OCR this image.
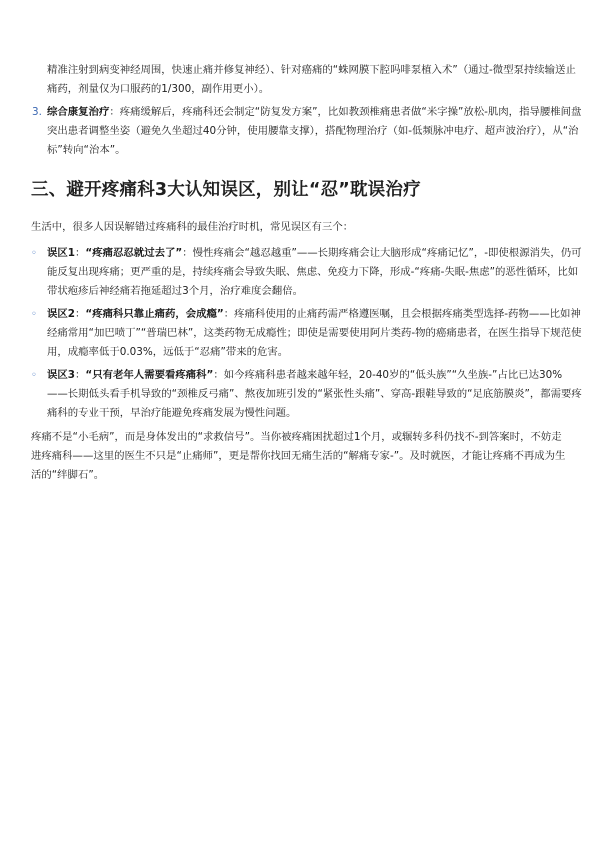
精准注射到病变神经周围，快速止痛并修复神经）、针对癌痛的“蛛网膜下腔吗啡泵植入术”（通过-微型泵持续输送止痛药，剂量仅为口服药的1/300，副作用更小）。

3. 综合康复治疗：疼痛缓解后，疼痛科还会制定“防复发方案”，比如教颈椎痛患者做“米字操”放松-肌肉，指导腰椎间盘突出患者调整坐姿（避免久坐超过40分钟，使用腰靠支撑），搭配物理治疗（如-低频脉冲电疗、超声波治疗），从“治标”转向“治本”。

三、避开疼痛科3大认知误区，别让“忍”耽误治疗

生活中，很多人因误解错过疼痛科的最佳治疗时机，常见误区有三个：

◦ 误区1：“疼痛忍忍就过去了”：慢性疼痛会“越忍越重”——长期疼痛会让大脑形成“疼痛记忆”，-即使根源消失，仍可能反复出现疼痛；更严重的是，持续疼痛会导致失眠、焦虑、免疫力下降，形成-“疼痛-失眠-焦虑”的恶性循环，比如带状疱疹后神经痛若拖延超过3个月，治疗难度会翻倍。

◦ 误区2：“疼痛科只靠止痛药，会成瘾”：疼痛科使用的止痛药需严格遵医嘱，且会根据疼痛类型选择-药物——比如神经痛常用“加巴喷丁”“普瑞巴林”，这类药物无成瘾性；即使是需要使用阿片类药-物的癌痛患者，在医生指导下规范使用，成瘾率低于0.03%，远低于“忍痛”带来的危害。

◦ 误区3：“只有老年人需要看疼痛科”：如今疼痛科患者越来越年轻，20-40岁的“低头族”“久坐族-”占比已达30%——长期低头看手机导致的“颈椎反弓痛”、熬夜加班引发的“紧张性头痛”、穿高-跟鞋导致的“足底筋膜炎”，都需要疼痛科的专业干预，早治疗能避免疼痛发展为慢性问题。

疼痛不是“小毛病”，而是身体发出的“求救信号”。当你被疼痛困扰超过1个月，或辗转多科仍找不-到答案时，不妨走进疼痛科——这里的医生不只是“止痛师”，更是帮你找回无痛生活的“解痛专家-”。及时就医，才能让疼痛不再成为生活的“绊脚石”。
